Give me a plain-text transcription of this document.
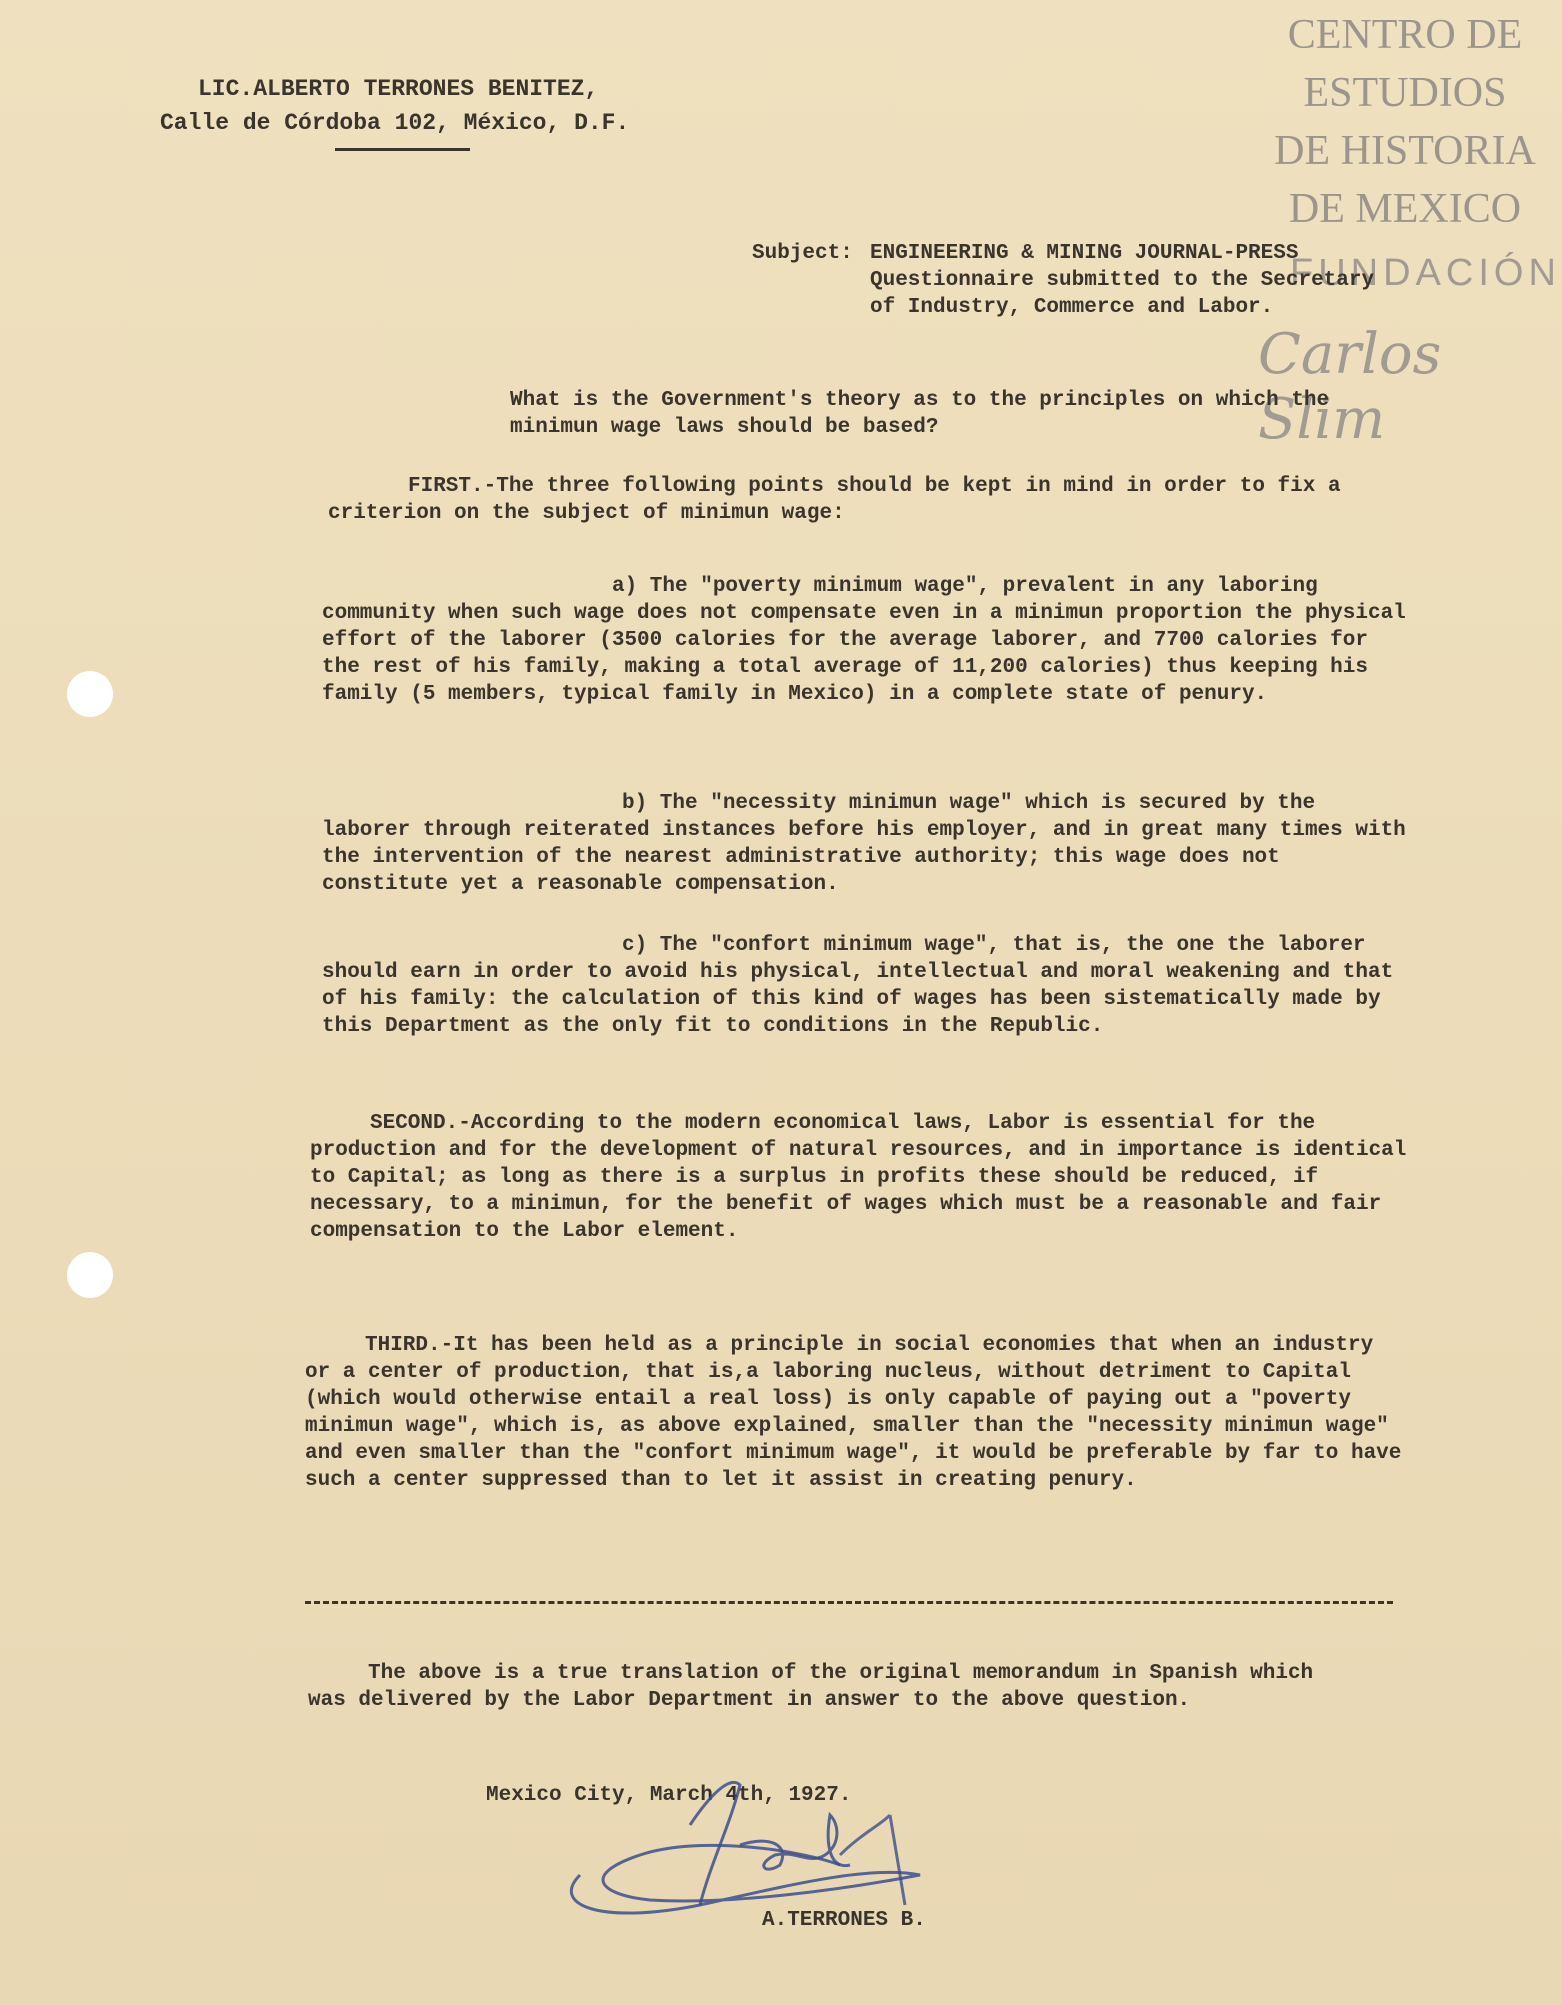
CENTRO DE
ESTUDIOS
DE HISTORIA
DE MEXICO
FUNDACIÓN
Carlos Slim
LIC.ALBERTO TERRONES BENITEZ,
Calle de Córdoba 102, México, D.F.
Subject: ENGINEERING & MINING JOURNAL-PRESS Questionnaire submitted to the Secretary of Industry, Commerce and Labor.
What is the Government's theory as to the principles on which the minimun wage laws should be based?
FIRST.-The three following points should be kept in mind in order to fix a criterion on the subject of minimun wage:
a) The "poverty minimum wage", prevalent in any laboring community when such wage does not compensate even in a minimun proportion the physical effort of the laborer (3500 calories for the average laborer, and 7700 calories for the rest of his family, making a total average of 11,200 calories) thus keeping his family (5 members, typical family in Mexico) in a complete state of penury.
b) The "necessity minimun wage" which is secured by the laborer through reiterated instances before his employer, and in great many times with the intervention of the nearest administrative authority; this wage does not constitute yet a reasonable compensation.
c) The "confort minimum wage", that is, the one the laborer should earn in order to avoid his physical, intellectual and moral weakening and that of his family: the calculation of this kind of wages has been sistematically made by this Department as the only fit to conditions in the Republic.
SECOND.-According to the modern economical laws, Labor is essential for the production and for the development of natural resources, and in importance is identical to Capital; as long as there is a surplus in profits these should be reduced, if necessary, to a minimun, for the benefit of wages which must be a reasonable and fair compensation to the Labor element.
THIRD.-It has been held as a principle in social economies that when an industry or a center of production, that is,a laboring nucleus, without detriment to Capital (which would otherwise entail a real loss) is only capable of paying out a "poverty minimun wage", which is, as above explained, smaller than the "necessity minimun wage" and even smaller than the "confort minimum wage", it would be preferable by far to have such a center suppressed than to let it assist in creating penury.
The above is a true translation of the original memorandum in Spanish which was delivered by the Labor Department in answer to the above question.
Mexico City, March 4th, 1927.
A.TERRONES B.
